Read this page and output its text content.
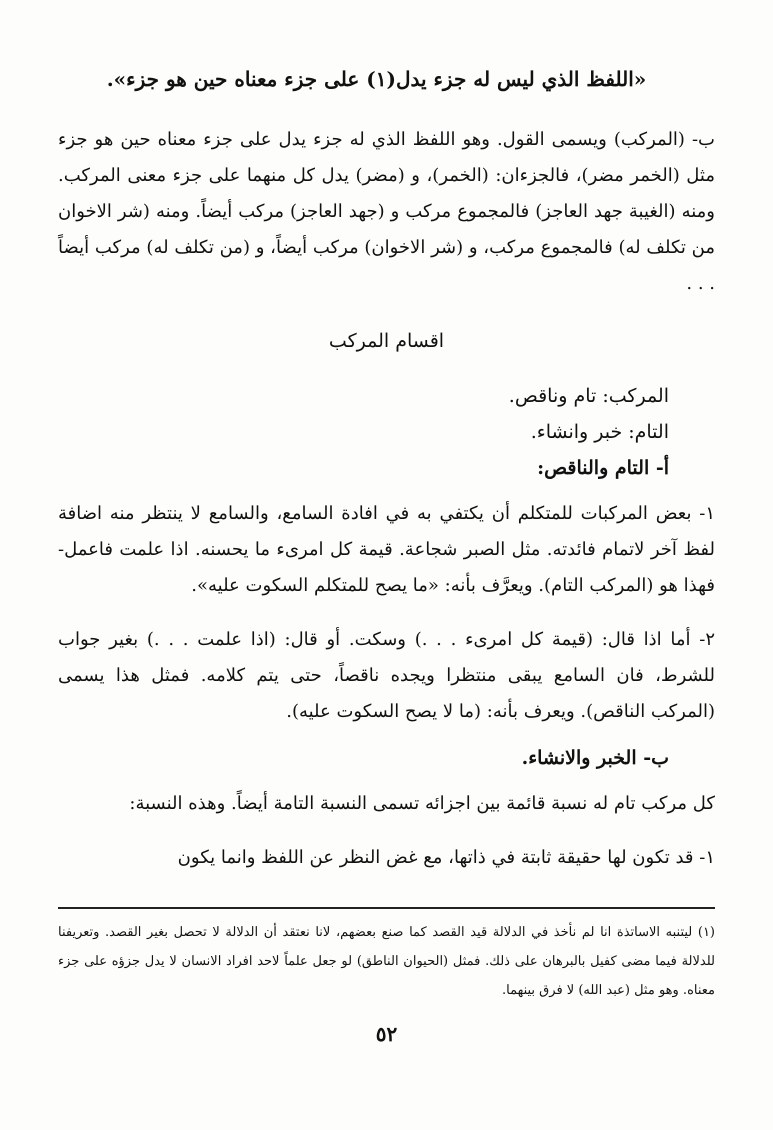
«اللفظ الذي ليس له جزء يدل(١) على جزء معناه حين هو جزء».

ب- (المركب) ويسمى القول. وهو اللفظ الذي له جزء يدل على جزء معناه حين هو جزء مثل (الخمر مضر)، فالجزءان: (الخمر)، و (مضر) يدل كل منهما على جزء معنى المركب. ومنه (الغيبة جهد العاجز) فالمجموع مركب و (جهد العاجز) مركب أيضاً. ومنه (شر الاخوان من تكلف له) فالمجموع مركب، و (شر الاخوان) مركب أيضاً، و (من تكلف له) مركب أيضاً . . .

اقسام المركب

المركب: تام وناقص.

التام: خبر وانشاء.

أ- التام والناقص:

١- بعض المركبات للمتكلم أن يكتفي به في افادة السامع، والسامع لا ينتظر منه اضافة لفظ آخر لاتمام فائدته. مثل الصبر شجاعة. قيمة كل امرىء ما يحسنه. اذا علمت فاعمل- فهذا هو (المركب التام). ويعرَّف بأنه: «ما يصح للمتكلم السكوت عليه».

٢- أما اذا قال: (قيمة كل امرىء . . .) وسكت. أو قال: (اذا علمت . . .) بغير جواب للشرط، فان السامع يبقى منتظرا ويجده ناقصاً، حتى يتم كلامه. فمثل هذا يسمى (المركب الناقص). ويعرف بأنه: (ما لا يصح السكوت عليه).

ب- الخبر والانشاء.

كل مركب تام له نسبة قائمة بين اجزائه تسمى النسبة التامة أيضاً. وهذه النسبة:

١- قد تكون لها حقيقة ثابتة في ذاتها، مع غض النظر عن اللفظ وانما يكون

(١) ليتنبه الاساتذة انا لم نأخذ في الدلالة قيد القصد كما صنع بعضهم، لانا نعتقد أن الدلالة لا تحصل بغير القصد. وتعريفنا للدلالة فيما مضى كفيل بالبرهان على ذلك. فمثل (الحيوان الناطق) لو جعل علماً لاحد افراد الانسان لا يدل جزؤه على جزء معناه. وهو مثل (عبد الله) لا فرق بينهما.

٥٢
